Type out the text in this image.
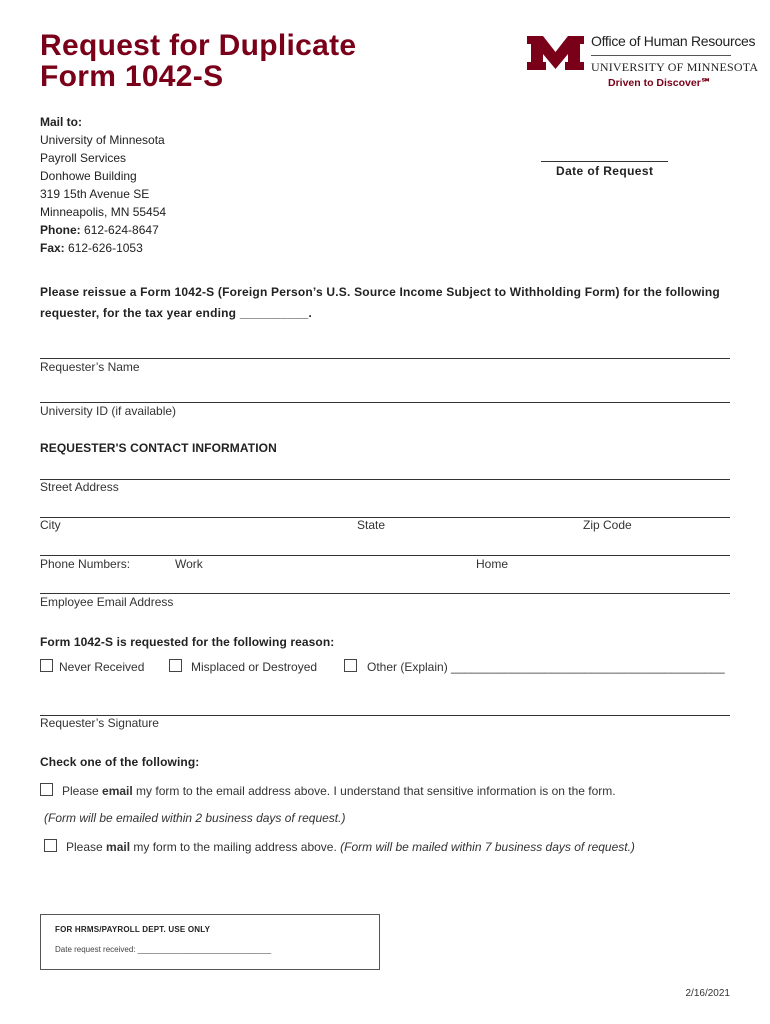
Request for Duplicate
Form 1042-S
Office of Human Resources
UNIVERSITY OF MINNESOTA
Driven to Discover℠
Mail to:
University of Minnesota
Payroll Services
Donhowe Building
319 15th Avenue SE
Minneapolis, MN 55454
Phone: 612-624-8647
Fax: 612-626-1053
Date of Request
Please reissue a Form 1042-S (Foreign Person’s U.S. Source Income Subject to Withholding Form) for the following requester, for the tax year ending __________.
Requester’s Name
University ID (if available)
REQUESTER'S CONTACT INFORMATION
Street Address
City	State	Zip Code
Phone Numbers:	Work	Home
Employee Email Address
Form 1042-S is requested for the following reason:
Never Received	Misplaced or Destroyed	Other (Explain) _________________________________________
Requester’s Signature
Check one of the following:
Please email my form to the email address above. I understand that sensitive information is on the form.
(Form will be emailed within 2 business days of request.)
Please mail my form to the mailing address above. (Form will be mailed within 7 business days of request.)
FOR HRMS/PAYROLL DEPT. USE ONLY
Date request received: ______________________________
2/16/2021
